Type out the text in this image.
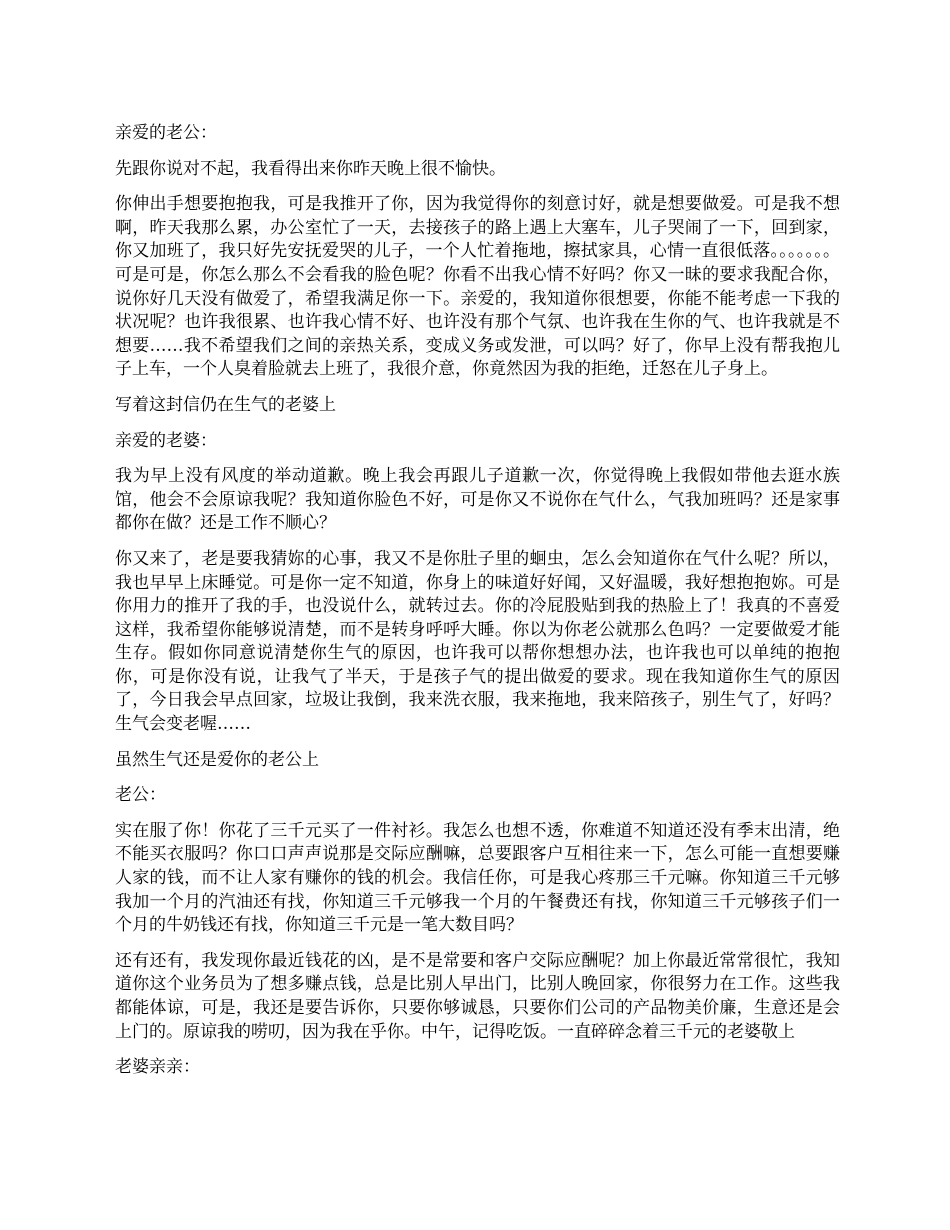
亲爱的老公：

先跟你说对不起，我看得出来你昨天晚上很不愉快。

你伸出手想要抱抱我，可是我推开了你，因为我觉得你的刻意讨好，就是想要做爱。可是我不想啊，昨天我那么累，办公室忙了一天，去接孩子的路上遇上大塞车，儿子哭闹了一下，回到家，你又加班了，我只好先安抚爱哭的儿子，一个人忙着拖地，擦拭家具，心情一直很低落。。。。。。。可是可是，你怎么那么不会看我的脸色呢？你看不出我心情不好吗？你又一昧的要求我配合你，说你好几天没有做爱了，希望我满足你一下。亲爱的，我知道你很想要，你能不能考虑一下我的状况呢？也许我很累、也许我心情不好、也许没有那个气氛、也许我在生你的气、也许我就是不想要……我不希望我们之间的亲热关系，变成义务或发泄，可以吗？好了，你早上没有帮我抱儿子上车，一个人臭着脸就去上班了，我很介意，你竟然因为我的拒绝，迁怒在儿子身上。

写着这封信仍在生气的老婆上

亲爱的老婆：

我为早上没有风度的举动道歉。晚上我会再跟儿子道歉一次，你觉得晚上我假如带他去逛水族馆，他会不会原谅我呢？我知道你脸色不好，可是你又不说你在气什么，气我加班吗？还是家事都你在做？还是工作不顺心？

你又来了，老是要我猜妳的心事，我又不是你肚子里的蛔虫，怎么会知道你在气什么呢？所以，我也早早上床睡觉。可是你一定不知道，你身上的味道好好闻，又好温暖，我好想抱抱妳。可是你用力的推开了我的手，也没说什么，就转过去。你的冷屁股贴到我的热脸上了！我真的不喜爱这样，我希望你能够说清楚，而不是转身呼呼大睡。你以为你老公就那么色吗？一定要做爱才能生存。假如你同意说清楚你生气的原因，也许我可以帮你想想办法，也许我也可以单纯的抱抱你，可是你没有说，让我气了半天，于是孩子气的提出做爱的要求。现在我知道你生气的原因了，今日我会早点回家，垃圾让我倒，我来洗衣服，我来拖地，我来陪孩子，别生气了，好吗？生气会变老喔……

虽然生气还是爱你的老公上

老公：

实在服了你！你花了三千元买了一件衬衫。我怎么也想不透，你难道不知道还没有季末出清，绝不能买衣服吗？你口口声声说那是交际应酬嘛，总要跟客户互相往来一下，怎么可能一直想要赚人家的钱，而不让人家有赚你的钱的机会。我信任你，可是我心疼那三千元嘛。你知道三千元够我加一个月的汽油还有找，你知道三千元够我一个月的午餐费还有找，你知道三千元够孩子们一个月的牛奶钱还有找，你知道三千元是一笔大数目吗？

还有还有，我发现你最近钱花的凶，是不是常要和客户交际应酬呢？加上你最近常常很忙，我知道你这个业务员为了想多赚点钱，总是比别人早出门，比别人晚回家，你很努力在工作。这些我都能体谅，可是，我还是要告诉你，只要你够诚恳，只要你们公司的产品物美价廉，生意还是会上门的。原谅我的唠叨，因为我在乎你。中午，记得吃饭。一直碎碎念着三千元的老婆敬上

老婆亲亲：
